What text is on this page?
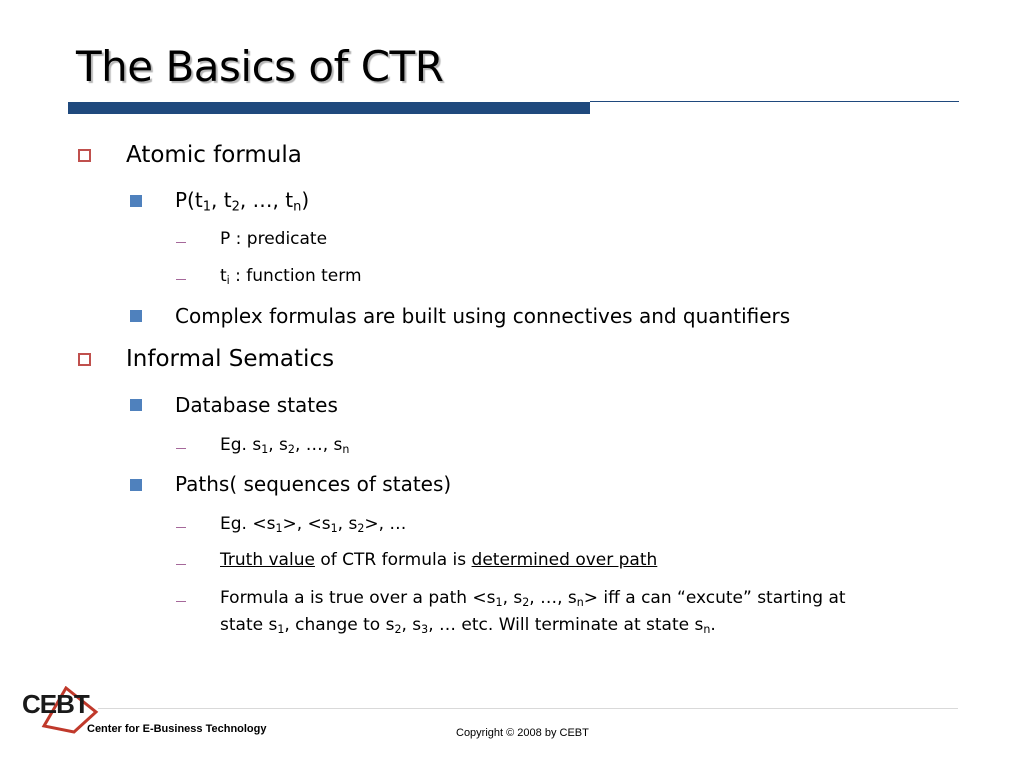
The Basics of CTR
Atomic formula
$P(t_1$, $t_2$, …, $t_n$)
P : predicate
$t_i$ : function term
Complex formulas are built using connectives and quantifiers
Informal Sematics
Database states
Eg. $s_1$, $s_2$, …, $s_n$
Paths( sequences of states)
Eg. $<s_1>$, $<s_1$, $s_2>$, …
Truth value of CTR formula is determined over path
Formula a is true over a path $<s_1$, $s_2$, …, $s_n>$ iff a can “excute” starting at
state $s_1$, change to $s_2$, $s_3$, … etc. Will terminate at state $s_n$.
CEBT
Center for E-Business Technology	Copyright © 2008 by CEBT
